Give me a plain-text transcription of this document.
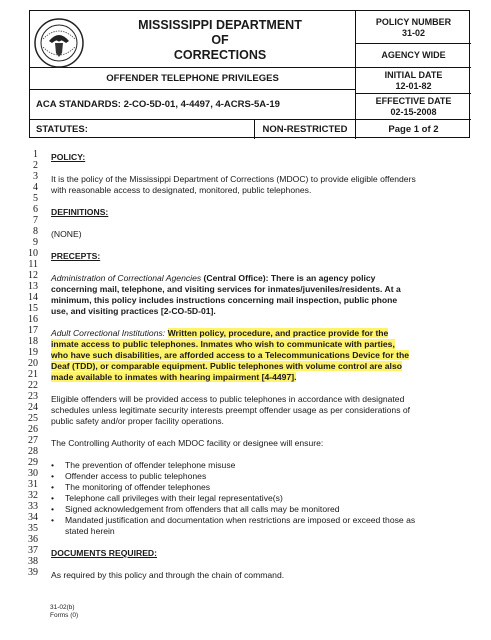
MISSISSIPPI DEPARTMENT
OF
CORRECTIONS
POLICY NUMBER
31-02
AGENCY WIDE
OFFENDER TELEPHONE PRIVILEGES	INITIAL DATE
12-01-82
ACA STANDARDS: 2-CO-5D-01, 4-4497, 4-ACRS-5A-19	EFFECTIVE DATE
02-15-2008
STATUTES:	NON-RESTRICTED	Page 1 of 2
POLICY:
It is the policy of the Mississippi Department of Corrections (MDOC) to provide eligible offenders
with reasonable access to designated, monitored, public telephones.
DEFINITIONS:
(NONE)
PRECEPTS:
Administration of Correctional Agencies (Central Office): There is an agency policy
concerning mail, telephone, and visiting services for inmates/juveniles/residents. At a
minimum, this policy includes instructions concerning mail inspection, public phone
use, and visiting practices [2-CO-5D-01].
Adult Correctional Institutions: Written policy, procedure, and practice provide for the
inmate access to public telephones. Inmates who wish to communicate with parties,
who have such disabilities, are afforded access to a Telecommunications Device for the
Deaf (TDD), or comparable equipment. Public telephones with volume control are also
made available to inmates with hearing impairment [4-4497].
Eligible offenders will be provided access to public telephones in accordance with designated
schedules unless legitimate security interests preempt offender usage as per considerations of
public safety and/or proper facility operations.
The Controlling Authority of each MDOC facility or designee will ensure:
• The prevention of offender telephone misuse
• Offender access to public telephones
• The monitoring of offender telephones
• Telephone call privileges with their legal representative(s)
• Signed acknowledgement from offenders that all calls may be monitored
• Mandated justification and documentation when restrictions are imposed or exceed those as
stated herein
DOCUMENTS REQUIRED:
As required by this policy and through the chain of command.
1
2
3
4
5
6
7
8
9
10
11
12
13
14
15
16
17
18
19
20
21
22
23
24
25
26
27
28
29
30
31
32
33
34
35
36
37
38
39
31-02(b)
Forms (0)
